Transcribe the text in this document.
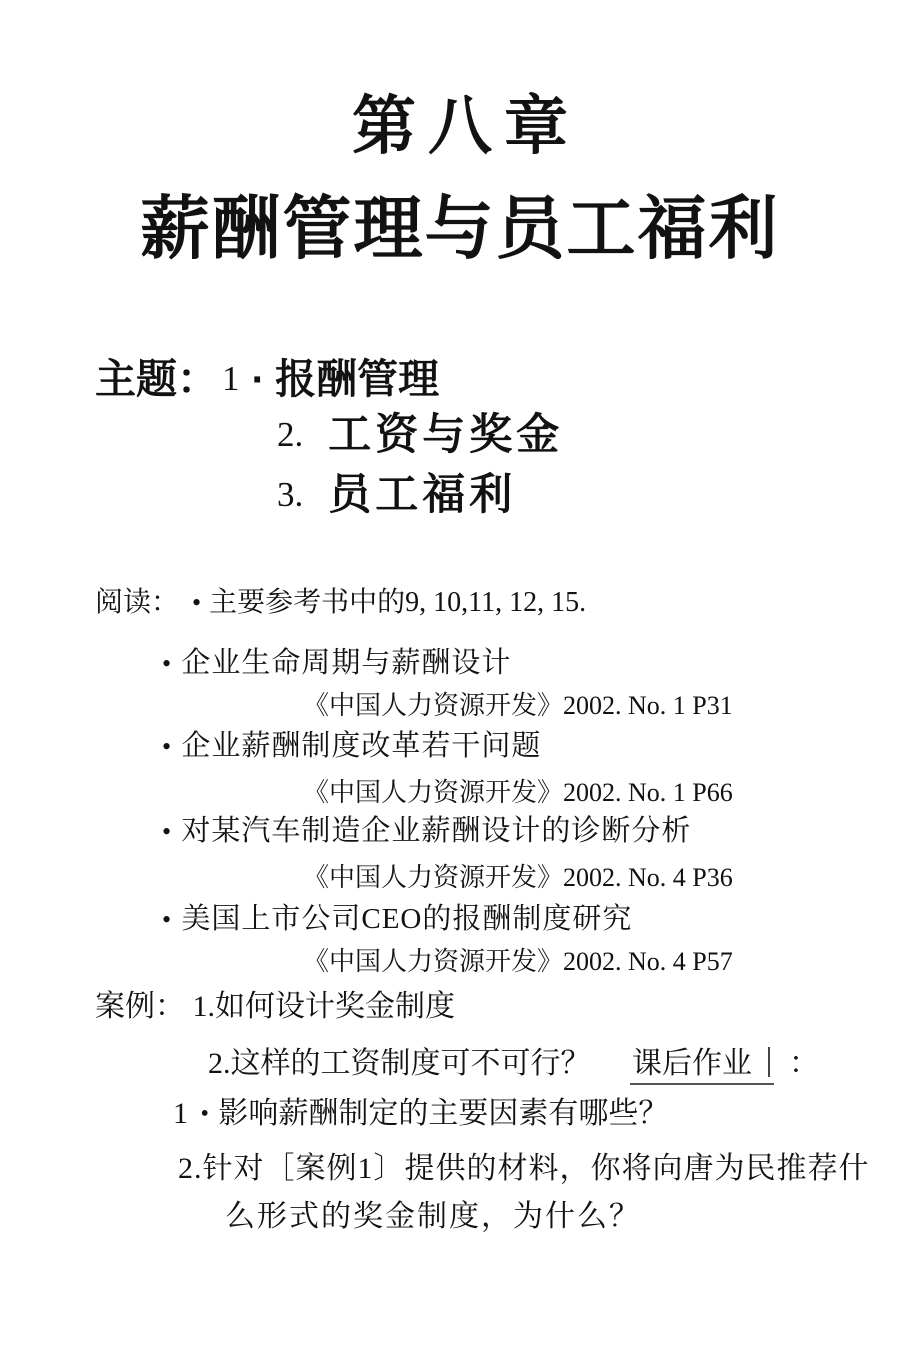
第八章
薪酬管理与员工福利
主题： 1 · 报酬管理
2. 工资与奖金
3. 员工福利
阅读： • 主要参考书中的9, 10,11, 12, 15.
• 企业生命周期与薪酬设计
《中国人力资源开发》2002. No. 1 P31
• 企业薪酬制度改革若干问题
《中国人力资源开发》2002. No. 1 P66
• 对某汽车制造企业薪酬设计的诊断分析
《中国人力资源开发》2002. No. 4 P36
• 美国上市公司CEO的报酬制度研究
《中国人力资源开发》2002. No. 4 P57
案例： 1.如何设计奖金制度
2.这样的工资制度可不可行？ 课后作业 ：
1 • 影响薪酬制定的主要因素有哪些？
2.针对［案例1〕提供的材料，你将向唐为民推荐什
么形式的奖金制度，为什么？
